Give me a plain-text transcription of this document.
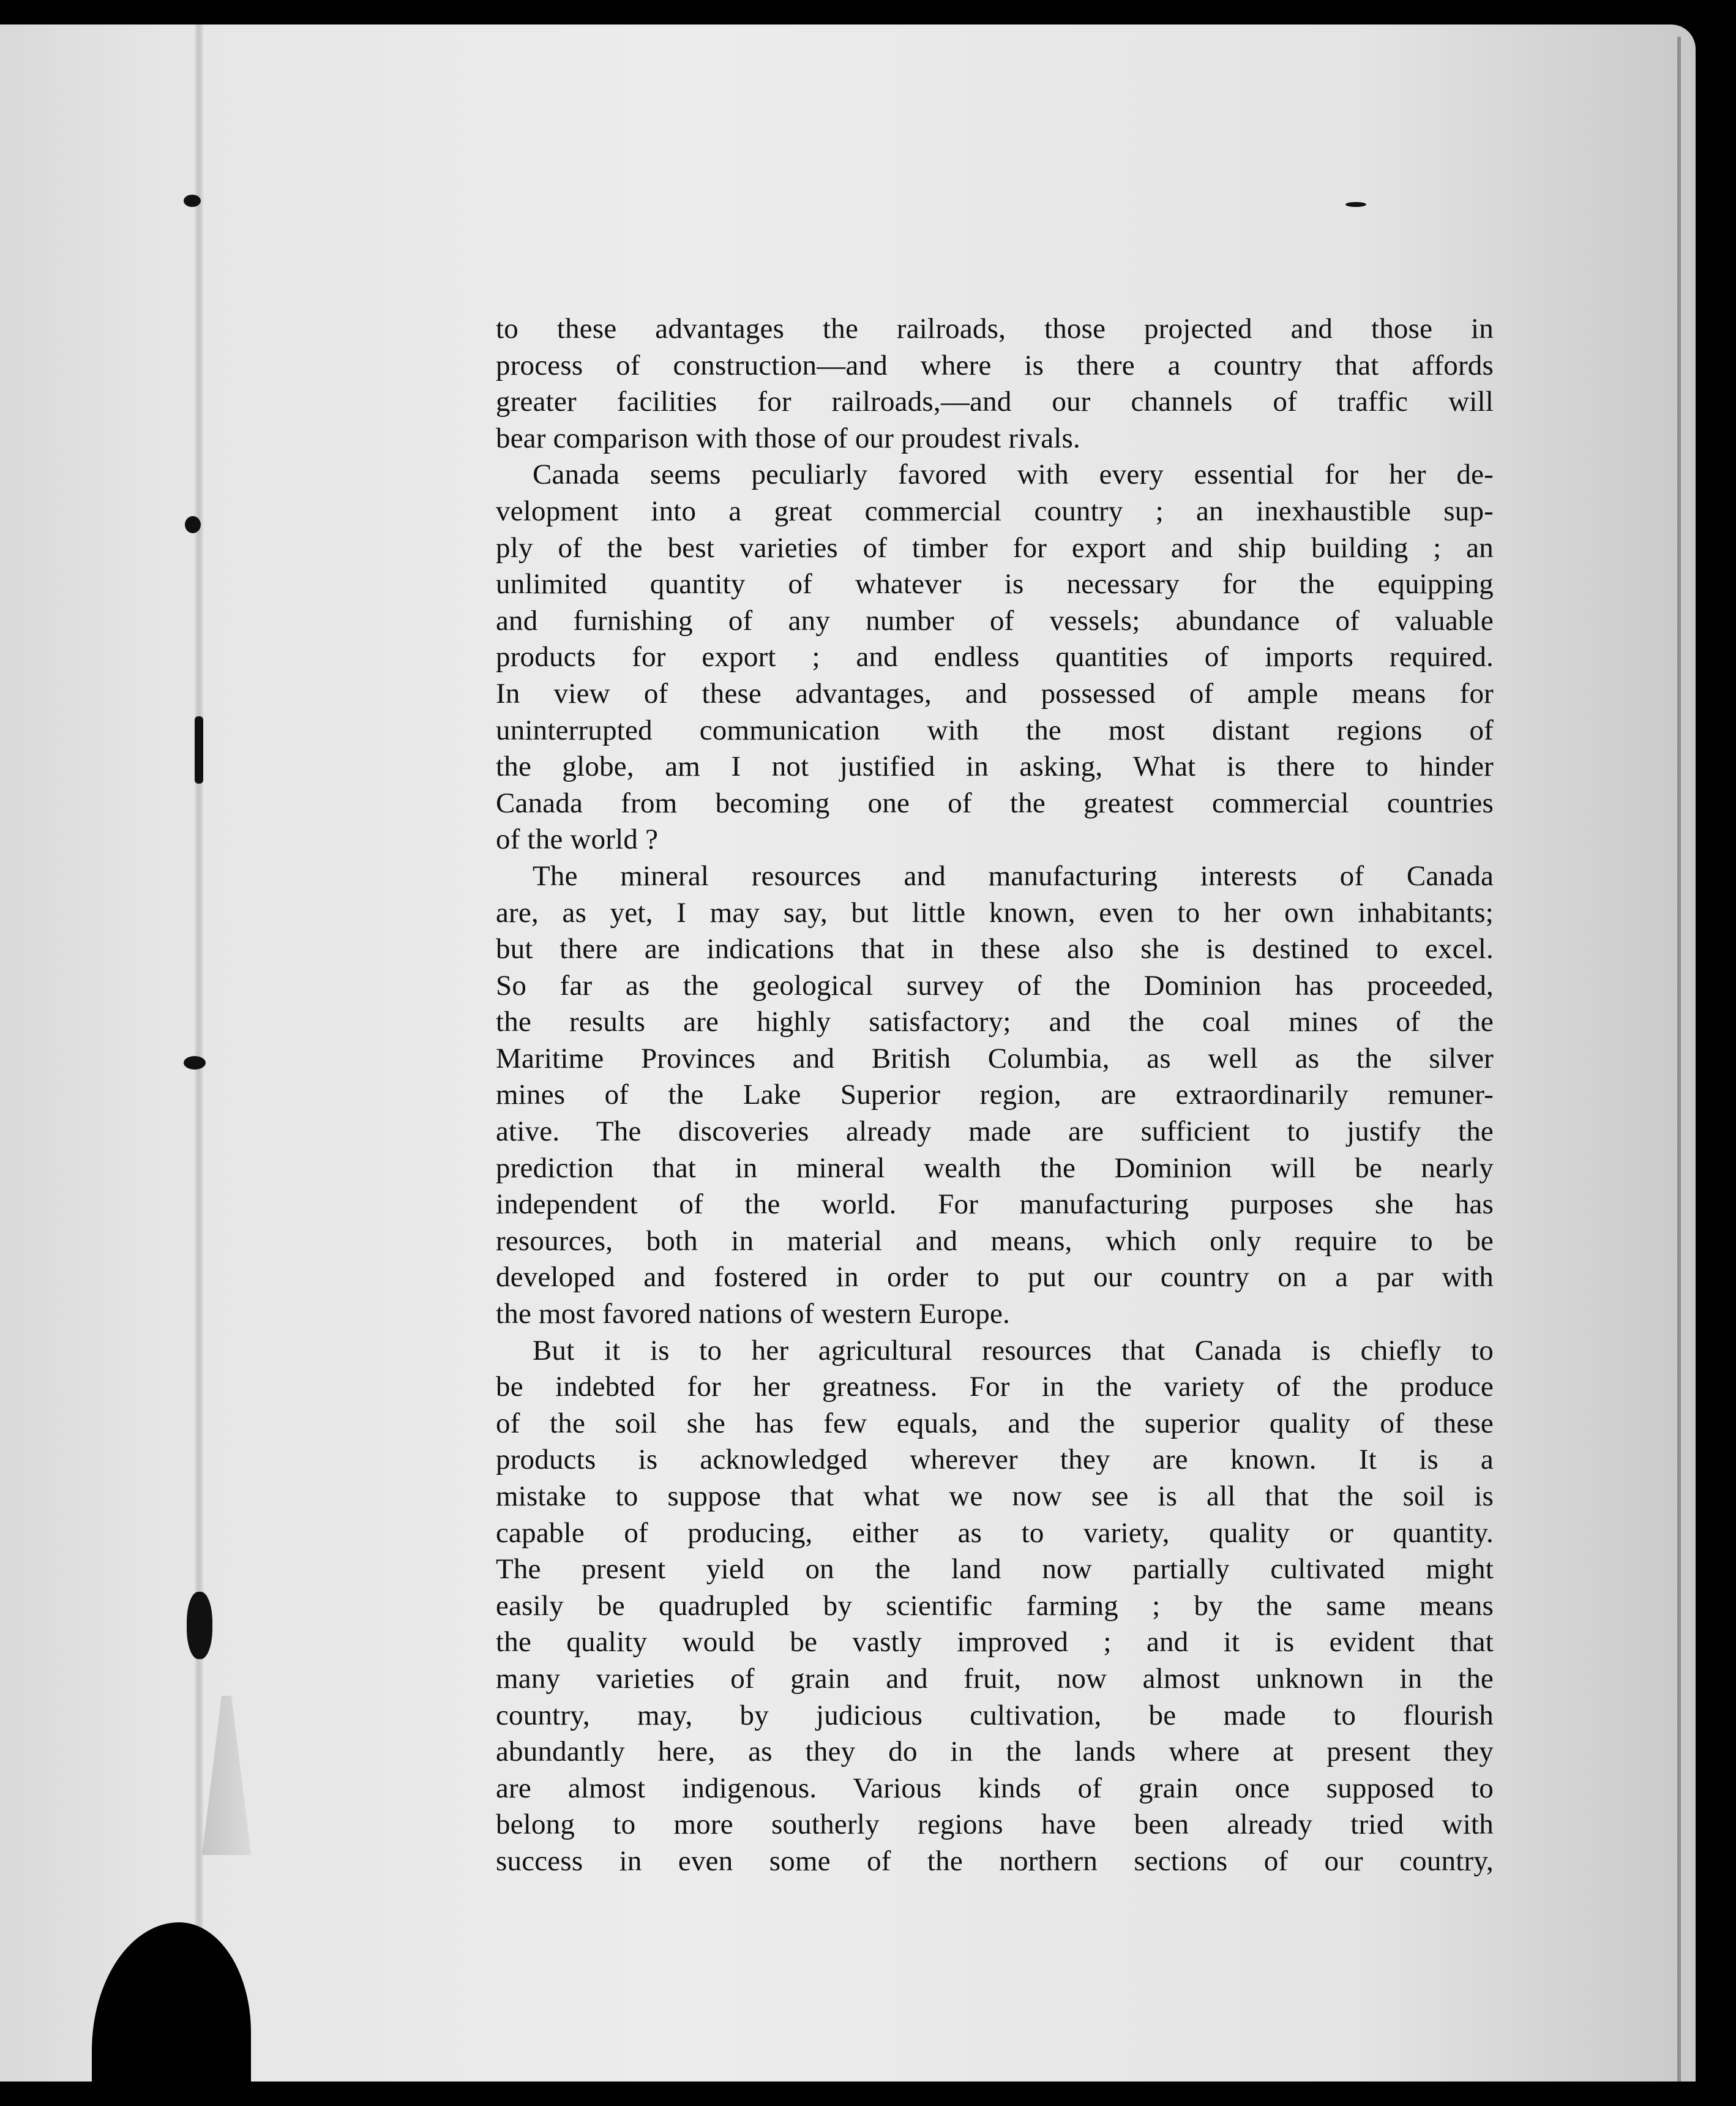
to these advantages the railroads, those projected and those in
process of construction—and where is there a country that affords
greater facilities for railroads,—and our channels of traffic will
bear comparison with those of our proudest rivals.

Canada seems peculiarly favored with every essential for her de-
velopment into a great commercial country ; an inexhaustible sup-
ply of the best varieties of timber for export and ship building ; an
unlimited quantity of whatever is necessary for the equipping
and furnishing of any number of vessels; abundance of valuable
products for export ; and endless quantities of imports required.
In view of these advantages, and possessed of ample means for
uninterrupted communication with the most distant regions of
the globe, am I not justified in asking, What is there to hinder
Canada from becoming one of the greatest commercial countries
of the world ?

The mineral resources and manufacturing interests of Canada
are, as yet, I may say, but little known, even to her own inhabitants;
but there are indications that in these also she is destined to excel.
So far as the geological survey of the Dominion has proceeded,
the results are highly satisfactory; and the coal mines of the
Maritime Provinces and British Columbia, as well as the silver
mines of the Lake Superior region, are extraordinarily remuner-
ative. The discoveries already made are sufficient to justify the
prediction that in mineral wealth the Dominion will be nearly
independent of the world. For manufacturing purposes she has
resources, both in material and means, which only require to be
developed and fostered in order to put our country on a par with
the most favored nations of western Europe.

But it is to her agricultural resources that Canada is chiefly to
be indebted for her greatness. For in the variety of the produce
of the soil she has few equals, and the superior quality of these
products is acknowledged wherever they are known. It is a
mistake to suppose that what we now see is all that the soil is
capable of producing, either as to variety, quality or quantity.
The present yield on the land now partially cultivated might
easily be quadrupled by scientific farming ; by the same means
the quality would be vastly improved ; and it is evident that
many varieties of grain and fruit, now almost unknown in the
country, may, by judicious cultivation, be made to flourish
abundantly here, as they do in the lands where at present they
are almost indigenous. Various kinds of grain once supposed to
belong to more southerly regions have been already tried with
success in even some of the northern sections of our country,
